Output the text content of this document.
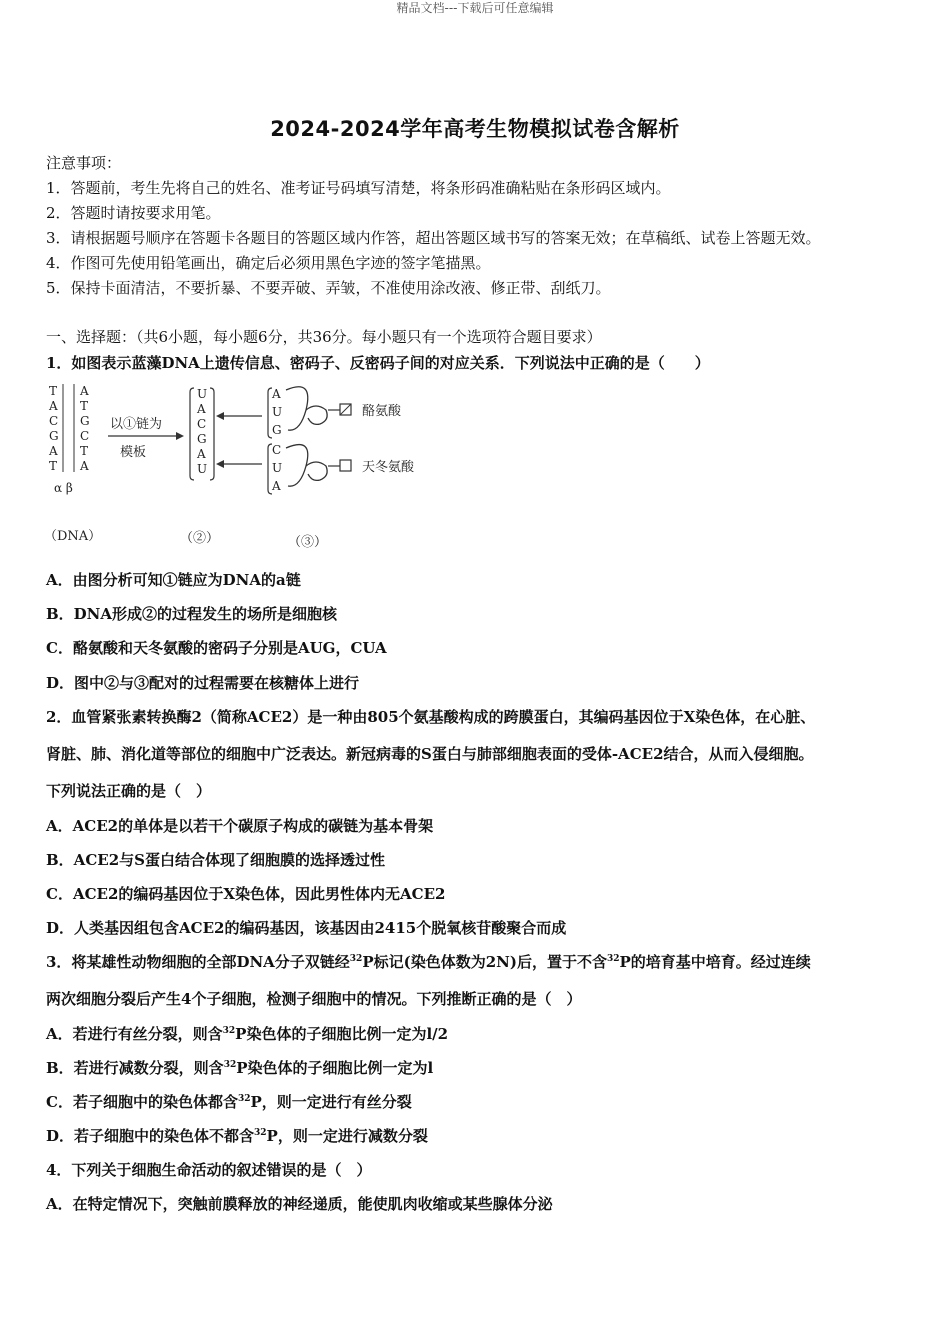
精品文档---下载后可任意编辑
2024-2024学年高考生物模拟试卷含解析
注意事项：
1．答题前，考生先将自己的姓名、准考证号码填写清楚，将条形码准确粘贴在条形码区域内。
2．答题时请按要求用笔。
3．请根据题号顺序在答题卡各题目的答题区域内作答，超出答题区域书写的答案无效；在草稿纸、试卷上答题无效。
4．作图可先使用铅笔画出，确定后必须用黑色字迹的签字笔描黑。
5．保持卡面清洁，不要折暴、不要弄破、弄皱，不准使用涂改液、修正带、刮纸刀。
一、选择题：（共6小题，每小题6分，共36分。每小题只有一个选项符合题目要求）
1．如图表示蓝藻DNA上遗传信息、密码子、反密码子间的对应关系．下列说法中正确的是（　　）
T
A
C
G
A
T
A
T
G
C
T
A
α β
以①链为
模板
U
A
C
G
A
U
A
U
G
酪氨酸
C
U
A
天冬氨酸
（DNA）	（②）	（③）
A．由图分析可知①链应为DNA的a链
B．DNA形成②的过程发生的场所是细胞核
C．酪氨酸和天冬氨酸的密码子分别是AUG，CUA
D．图中②与③配对的过程需要在核糖体上进行
2．血管紧张素转换酶2（简称ACE2）是一种由805个氨基酸构成的跨膜蛋白，其编码基因位于X染色体，在心脏、
肾脏、肺、消化道等部位的细胞中广泛表达。新冠病毒的S蛋白与肺部细胞表面的受体-ACE2结合，从而入侵细胞。
下列说法正确的是（　）
A．ACE2的单体是以若干个碳原子构成的碳链为基本骨架
B．ACE2与S蛋白结合体现了细胞膜的选择透过性
C．ACE2的编码基因位于X染色体，因此男性体内无ACE2
D．人类基因组包含ACE2的编码基因，该基因由2415个脱氧核苷酸聚合而成
3．将某雄性动物细胞的全部DNA分子双链经$^{32}$P标记(染色体数为2N)后，置于不含$^{32}$P的培育基中培育。经过连续
两次细胞分裂后产生4个子细胞，检测子细胞中的情况。下列推断正确的是（　）
A．若进行有丝分裂，则含$^{32}$P染色体的子细胞比例一定为l/2
B．若进行减数分裂，则含$^{32}$P染色体的子细胞比例一定为l
C．若子细胞中的染色体都含$^{32}$P，则一定进行有丝分裂
D．若子细胞中的染色体不都含$^{32}$P，则一定进行减数分裂
4．下列关于细胞生命活动的叙述错误的是（　）
A．在特定情况下，突触前膜释放的神经递质，能使肌肉收缩或某些腺体分泌
